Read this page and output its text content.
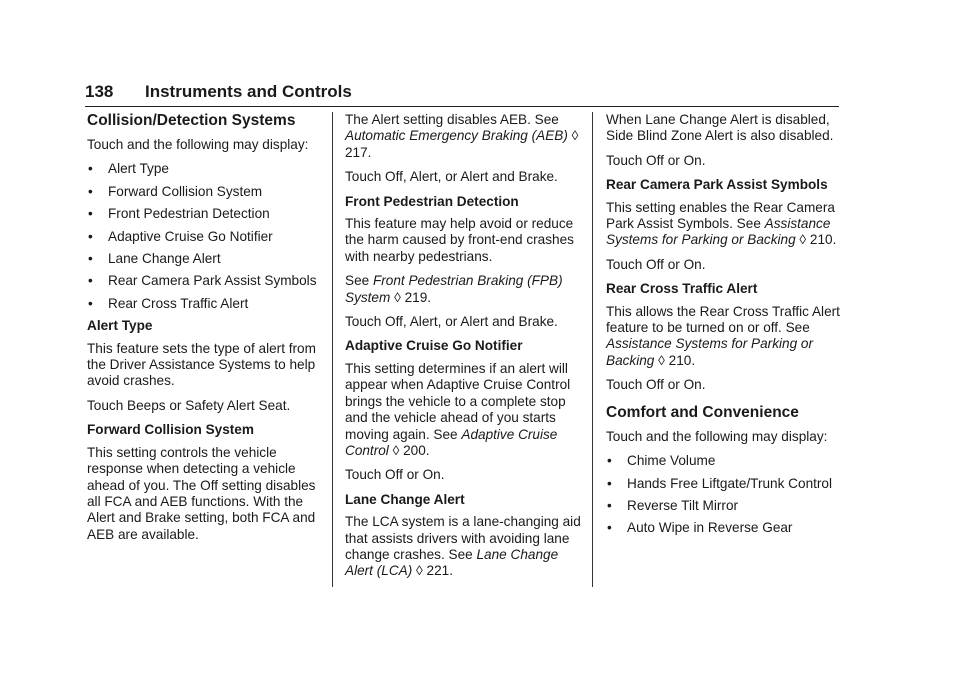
138 Instruments and Controls
Collision/Detection Systems
Touch and the following may display:
• Alert Type
• Forward Collision System
• Front Pedestrian Detection
• Adaptive Cruise Go Notifier
• Lane Change Alert
• Rear Camera Park Assist Symbols
• Rear Cross Traffic Alert
Alert Type
This feature sets the type of alert from the Driver Assistance Systems to help avoid crashes.
Touch Beeps or Safety Alert Seat.
Forward Collision System
This setting controls the vehicle response when detecting a vehicle ahead of you. The Off setting disables all FCA and AEB functions. With the Alert and Brake setting, both FCA and AEB are available.
The Alert setting disables AEB. See Automatic Emergency Braking (AEB) ◊ 217.
Touch Off, Alert, or Alert and Brake.
Front Pedestrian Detection
This feature may help avoid or reduce the harm caused by front-end crashes with nearby pedestrians.
See Front Pedestrian Braking (FPB) System ◊ 219.
Touch Off, Alert, or Alert and Brake.
Adaptive Cruise Go Notifier
This setting determines if an alert will appear when Adaptive Cruise Control brings the vehicle to a complete stop and the vehicle ahead of you starts moving again. See Adaptive Cruise Control ◊ 200.
Touch Off or On.
Lane Change Alert
The LCA system is a lane-changing aid that assists drivers with avoiding lane change crashes. See Lane Change Alert (LCA) ◊ 221.
When Lane Change Alert is disabled, Side Blind Zone Alert is also disabled.
Touch Off or On.
Rear Camera Park Assist Symbols
This setting enables the Rear Camera Park Assist Symbols. See Assistance Systems for Parking or Backing ◊ 210.
Touch Off or On.
Rear Cross Traffic Alert
This allows the Rear Cross Traffic Alert feature to be turned on or off. See Assistance Systems for Parking or Backing ◊ 210.
Touch Off or On.
Comfort and Convenience
Touch and the following may display:
• Chime Volume
• Hands Free Liftgate/Trunk Control
• Reverse Tilt Mirror
• Auto Wipe in Reverse Gear
